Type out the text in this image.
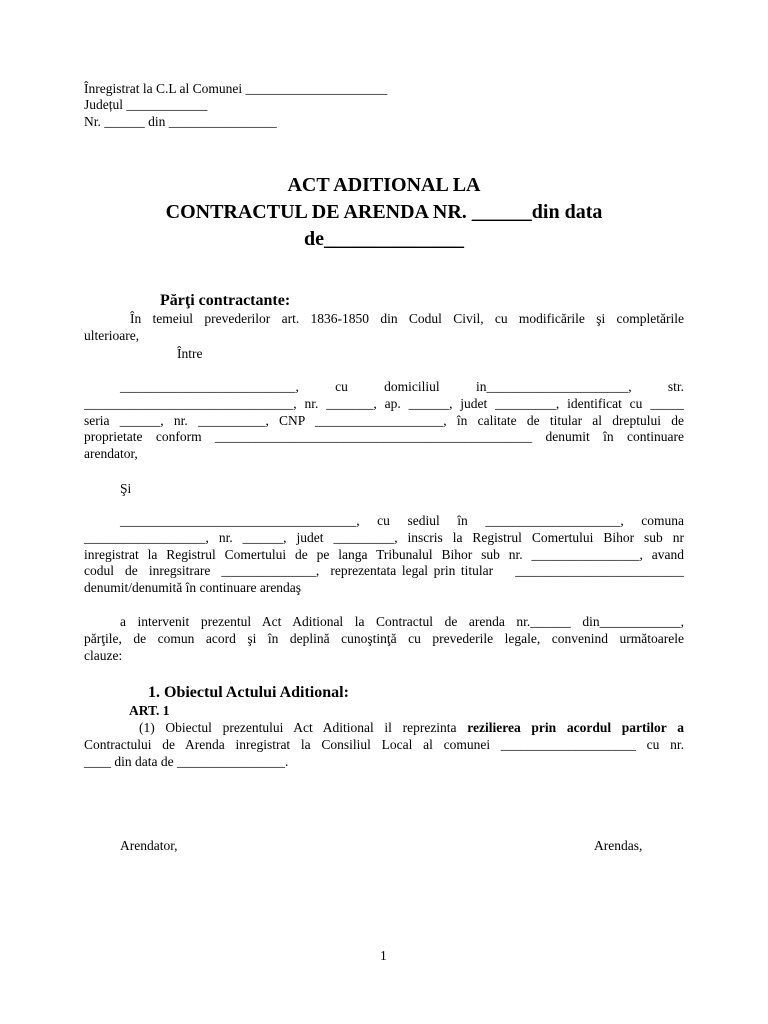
Înregistrat la C.L al Comunei _____________________
Județul ____________
Nr. ______ din ________________
ACT ADITIONAL LA
CONTRACTUL DE ARENDA NR. ______din data
de______________
Părţi contractante:
În temeiul prevederilor art. 1836-1850 din Codul Civil, cu modificările şi completările
ulterioare,
Între
__________________________,      cu      domiciliul      in_____________________,      str.
_______________________________, nr. _______, ap. ______, judet _________, identificat cu _____
seria ______, nr. __________, CNP ___________________, în calitate de titular al dreptului de
proprietate   conform   _______________________________________________   denumit   în   continuare
arendator,
Şi
___________________________________,    cu    sediul    în    ____________________,    comuna
__________________, nr. ______, judet _________, inscris la Registrul Comertului Bihor sub nr
inregistrat la Registrul Comertului de pe langa Tribunalul Bihor sub nr. ________________, avand
codul  de  inregsitrare  ______________,  reprezentata legal prin titular    _________________________
denumit/denumită în continuare arendaş
a intervenit prezentul Act Aditional la Contractul de arenda nr.______ din____________,
părţile, de comun acord şi în deplină cunoştinţă cu prevederile legale, convenind următoarele
clauze:
1. Obiectul Actului Aditional:
ART. 1
(1) Obiectul prezentului Act Aditional il reprezinta rezilierea prin acordul partilor a
Contractului de Arenda inregistrat la Consiliul Local al comunei ____________________ cu nr.
____ din data de ________________.
Arendator,	Arendas,
1
